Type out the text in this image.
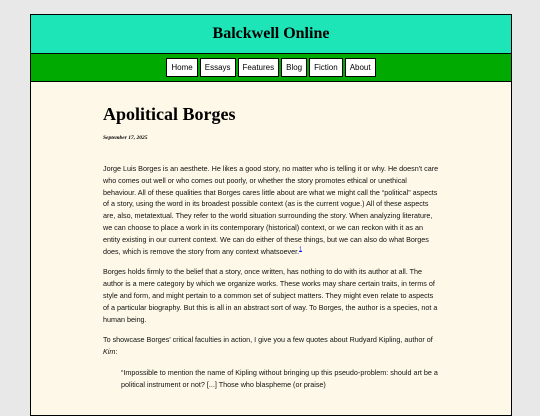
Balckwell Online
Home	Essays	Features	Blog	Fiction	About
Apolitical Borges
September 17, 2025

Jorge Luis Borges is an aesthete. He likes a good story, no matter who is telling it or why. He doesn't care who comes out well or who comes out poorly, or whether the story promotes ethical or unethical behaviour. All of these qualities that Borges cares little about are what we might call the “political” aspects of a story, using the word in its broadest possible context (as is the current vogue.) All of these aspects are, also, metatextual. They refer to the world situation surrounding the story. When analyzing literature, we can choose to place a work in its contemporary (historical) context, or we can reckon with it as an entity existing in our current context. We can do either of these things, but we can also do what Borges does, which is remove the story from any context whatsoever.$^1$

Borges holds firmly to the belief that a story, once written, has nothing to do with its author at all. The author is a mere category by which we organize works. These works may share certain traits, in terms of style and form, and might pertain to a common set of subject matters. They might even relate to aspects of a particular biography. But this is all in an abstract sort of way. To Borges, the author is a species, not a human being.

To showcase Borges' critical faculties in action, I give you a few quotes about Rudyard Kipling, author of Kim:

“Impossible to mention the name of Kipling without bringing up this pseudo-problem: should art be a political instrument or not? [...] Those who blaspheme (or praise)
